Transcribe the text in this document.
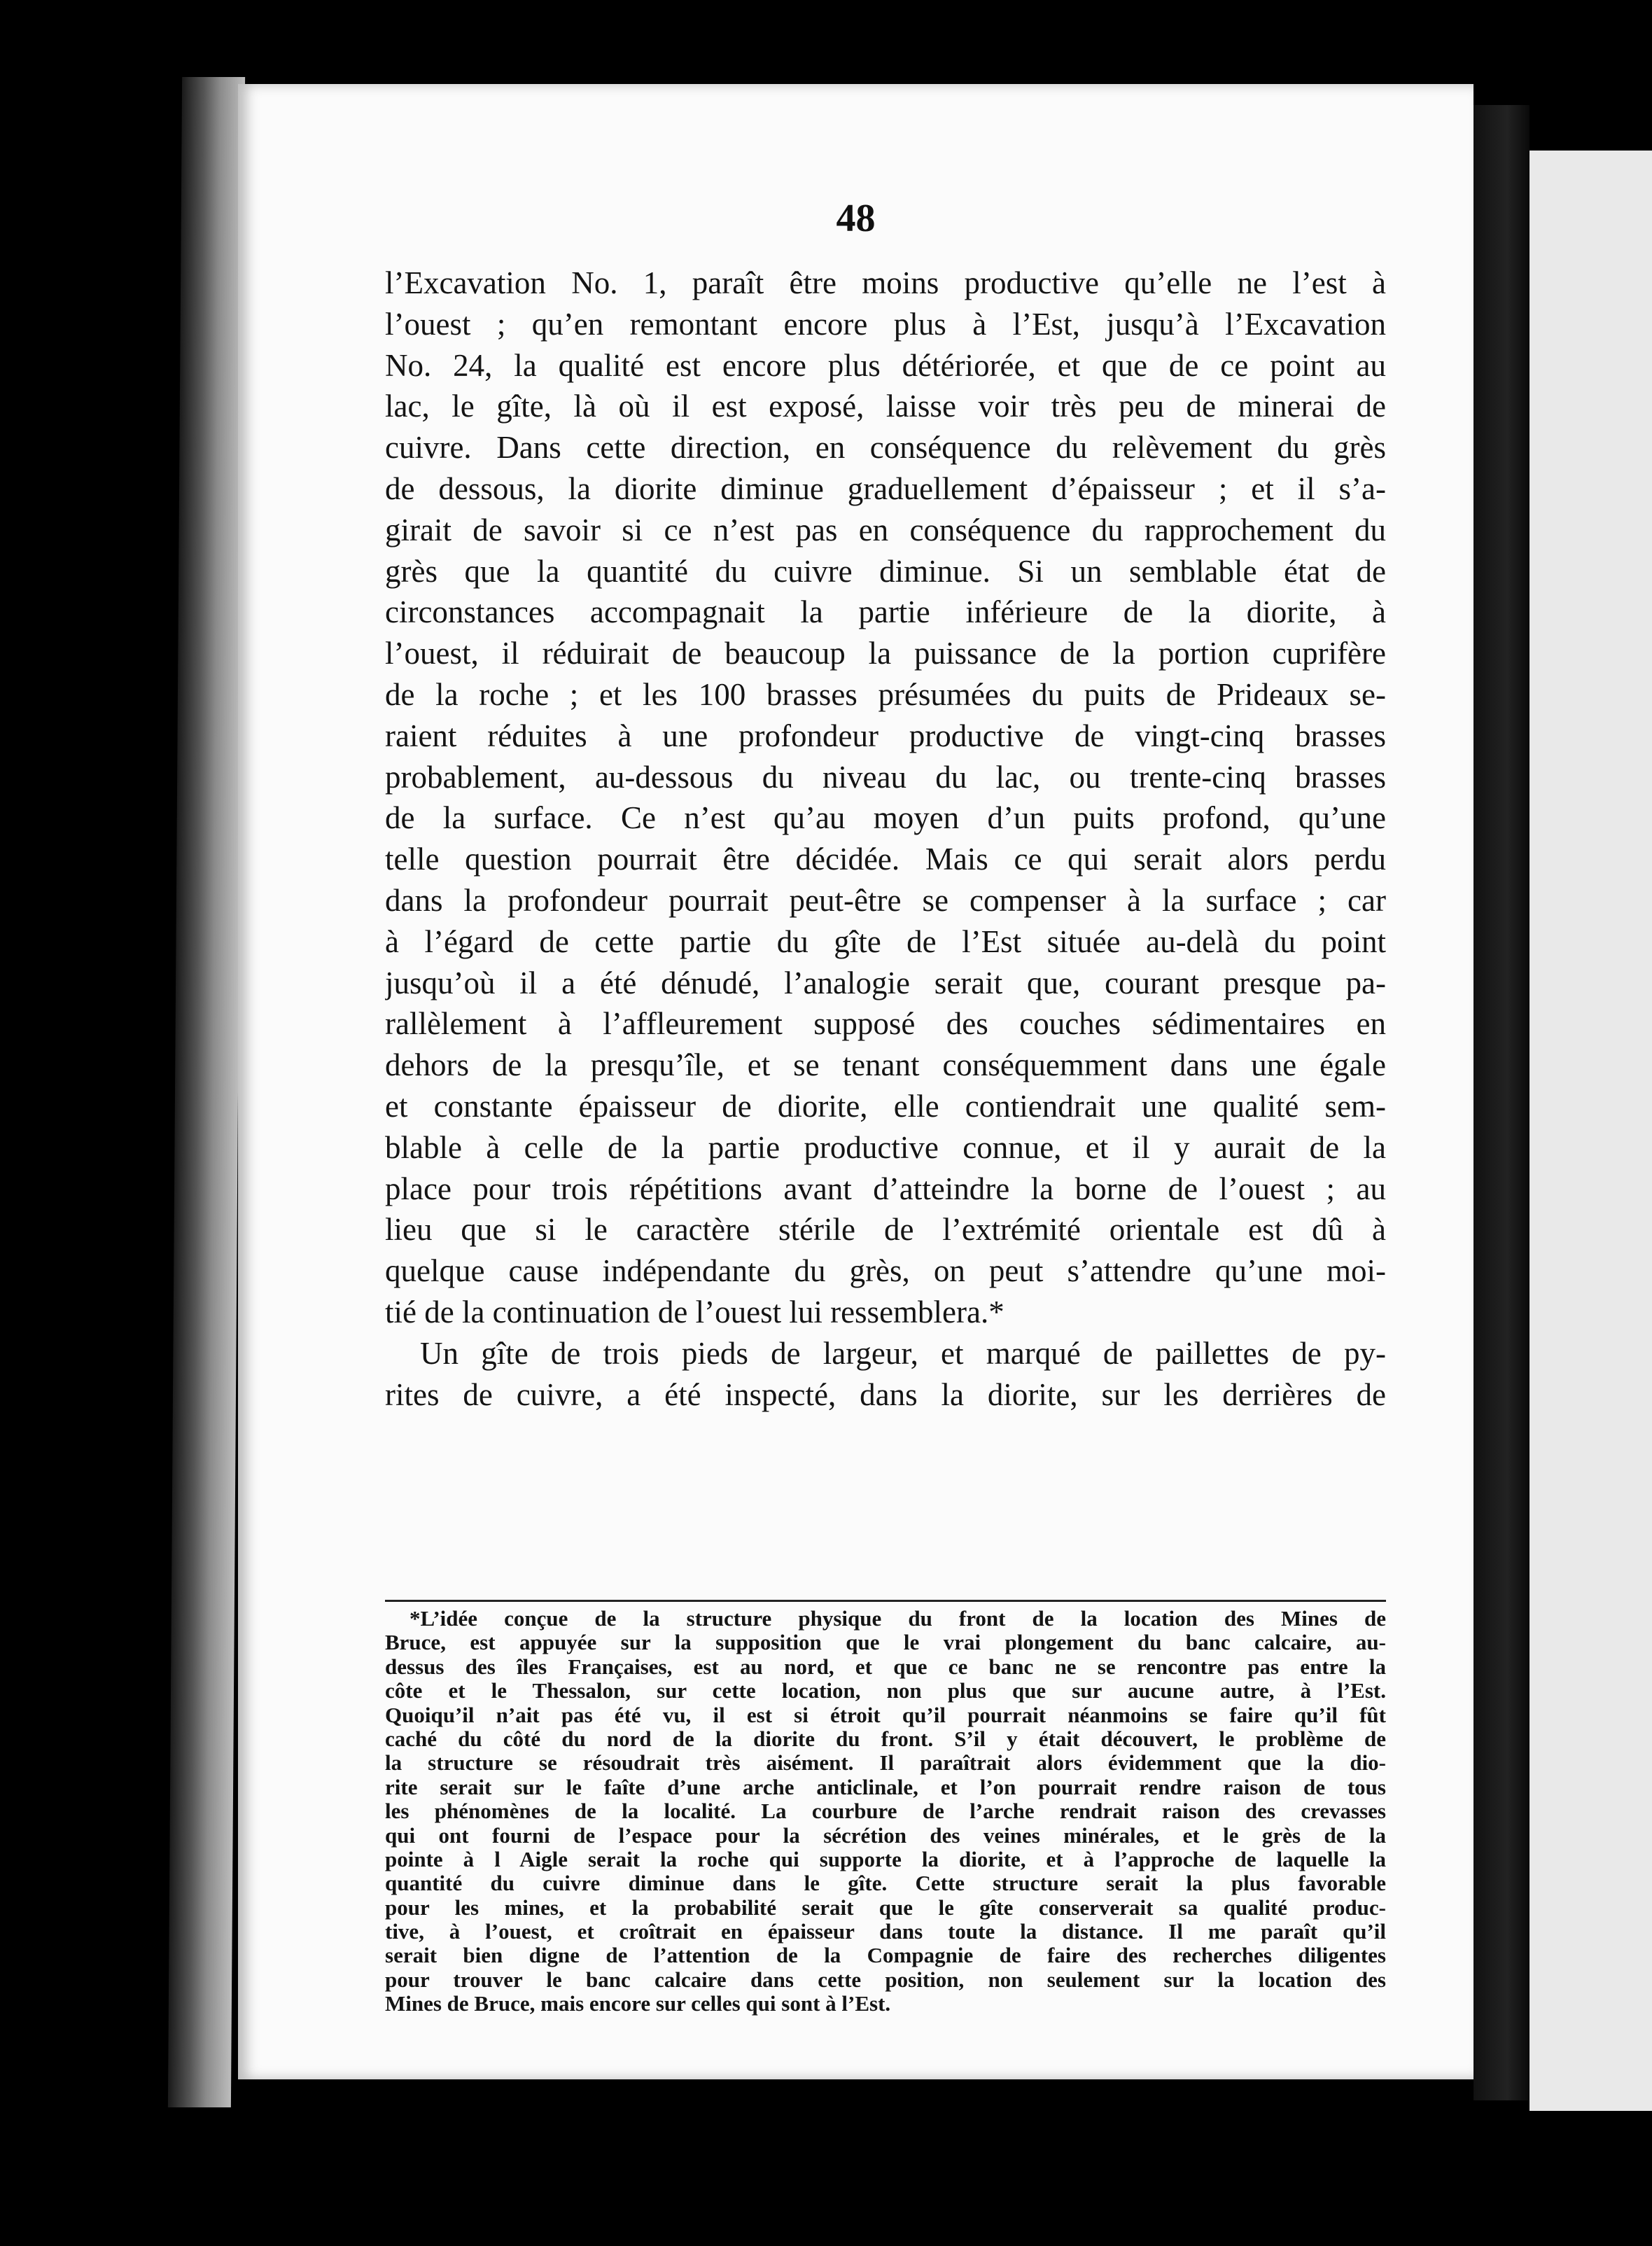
48
l’Excavation No. 1, paraît être moins productive qu’elle ne l’est à
l’ouest ; qu’en remontant encore plus à l’Est, jusqu’à l’Excavation
No. 24, la qualité est encore plus détériorée, et que de ce point au
lac, le gîte, là où il est exposé, laisse voir très peu de minerai de
cuivre. Dans cette direction, en conséquence du relèvement du grès
de dessous, la diorite diminue graduellement d’épaisseur ; et il s’a-
girait de savoir si ce n’est pas en conséquence du rapprochement du
grès que la quantité du cuivre diminue. Si un semblable état de
circonstances accompagnait la partie inférieure de la diorite, à
l’ouest, il réduirait de beaucoup la puissance de la portion cuprifère
de la roche ; et les 100 brasses présumées du puits de Prideaux se-
raient réduites à une profondeur productive de vingt-cinq brasses
probablement, au-dessous du niveau du lac, ou trente-cinq brasses
de la surface. Ce n’est qu’au moyen d’un puits profond, qu’une
telle question pourrait être décidée. Mais ce qui serait alors perdu
dans la profondeur pourrait peut-être se compenser à la surface ; car
à l’égard de cette partie du gîte de l’Est située au-delà du point
jusqu’où il a été dénudé, l’analogie serait que, courant presque pa-
rallèlement à l’affleurement supposé des couches sédimentaires en
dehors de la presqu’île, et se tenant conséquemment dans une égale
et constante épaisseur de diorite, elle contiendrait une qualité sem-
blable à celle de la partie productive connue, et il y aurait de la
place pour trois répétitions avant d’atteindre la borne de l’ouest ; au
lieu que si le caractère stérile de l’extrémité orientale est dû à
quelque cause indépendante du grès, on peut s’attendre qu’une moi-
tié de la continuation de l’ouest lui ressemblera.*
Un gîte de trois pieds de largeur, et marqué de paillettes de py-
rites de cuivre, a été inspecté, dans la diorite, sur les derrières de
*L’idée conçue de la structure physique du front de la location des Mines de
Bruce, est appuyée sur la supposition que le vrai plongement du banc calcaire, au-
dessus des îles Françaises, est au nord, et que ce banc ne se rencontre pas entre la
côte et le Thessalon, sur cette location, non plus que sur aucune autre, à l’Est.
Quoiqu’il n’ait pas été vu, il est si étroit qu’il pourrait néanmoins se faire qu’il fût
caché du côté du nord de la diorite du front. S’il y était découvert, le problème de
la structure se résoudrait très aisément. Il paraîtrait alors évidemment que la dio-
rite serait sur le faîte d’une arche anticlinale, et l’on pourrait rendre raison de tous
les phénomènes de la localité. La courbure de l’arche rendrait raison des crevasses
qui ont fourni de l’espace pour la sécrétion des veines minérales, et le grès de la
pointe à l Aigle serait la roche qui supporte la diorite, et à l’approche de laquelle la
quantité du cuivre diminue dans le gîte. Cette structure serait la plus favorable
pour les mines, et la probabilité serait que le gîte conserverait sa qualité produc-
tive, à l’ouest, et croîtrait en épaisseur dans toute la distance. Il me paraît qu’il
serait bien digne de l’attention de la Compagnie de faire des recherches diligentes
pour trouver le banc calcaire dans cette position, non seulement sur la location des
Mines de Bruce, mais encore sur celles qui sont à l’Est.
